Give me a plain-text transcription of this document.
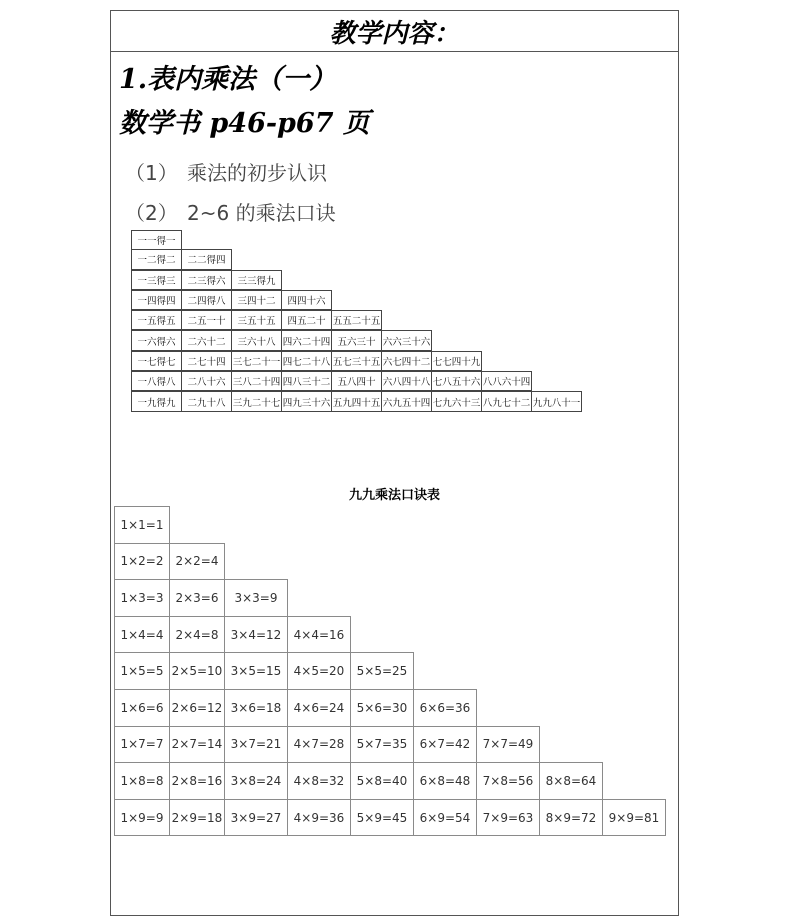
教学内容：
1.表内乘法（一）
数学书 p46-p67 页
（1） 乘法的初步认识
（2） 2~6 的乘法口诀
一一得一
一二得二	二二得四
一三得三	二三得六	三三得九
一四得四	二四得八	三四十二	四四十六
一五得五	二五一十	三五十五	四五二十 五五二十五
一六得六	二六十二	三六十八 四六二十四 五六三十 六六三十六
一七得七	二七十四 三七二十一 四七二十八 五七三十五 六七四十二 七七四十九
一八得八	二八十六 三八二十四 四八三十二 五八四十 六八四十八 七八五十六 八八六十四
一九得九	二九十八 三九二十七 四九三十六 五九四十五 六九五十四 七九六十三 八九七十二 九九八十一
九九乘法口诀表
1×1=1
1×2=2 2×2=4
1×3=3 2×3=6	3×3=9
1×4=4 2×4=8	3×4=12	4×4=16
1×5=5 2×5=10 3×5=15	4×5=20	5×5=25
1×6=6 2×6=12 3×6=18	4×6=24	5×6=30	6×6=36
1×7=7 2×7=14 3×7=21	4×7=28	5×7=35	6×7=42	7×7=49
1×8=8 2×8=16 3×8=24	4×8=32	5×8=40	6×8=48	7×8=56	8×8=64
1×9=9 2×9=18 3×9=27	4×9=36	5×9=45	6×9=54	7×9=63	8×9=72	9×9=81
